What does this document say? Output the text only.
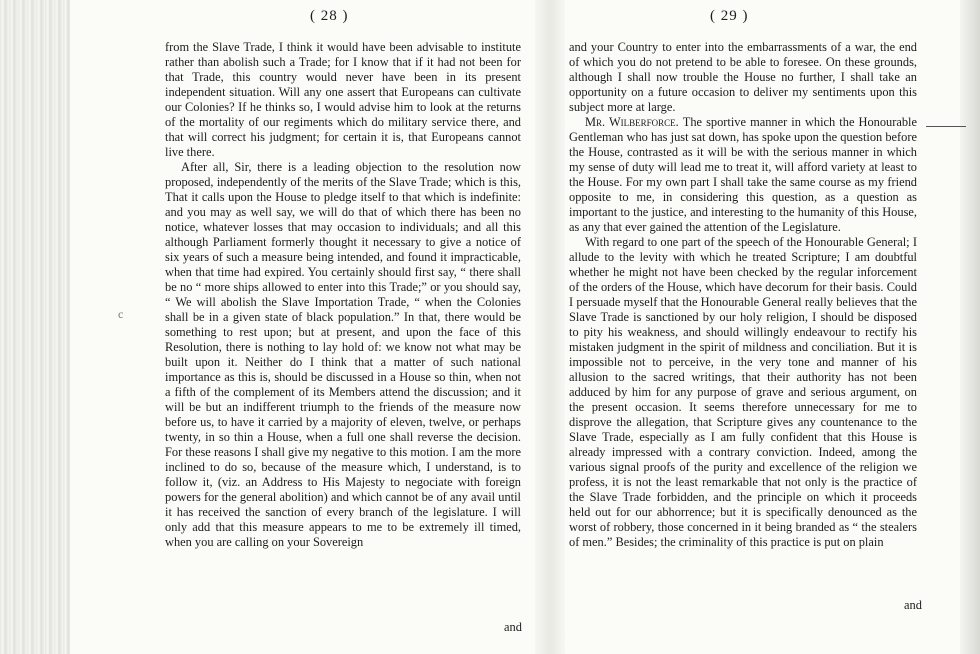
( 28 )

from the Slave Trade, I think it would have been advisable to institute rather than abolish such a Trade; for I know that if it had not been for that Trade, this country would never have been in its present independent situation. Will any one assert that Europeans can cultivate our Colonies? If he thinks so, I would advise him to look at the returns of the mortality of our regiments which do military service there, and that will correct his judgment; for certain it is, that Europeans cannot live there.

After all, Sir, there is a leading objection to the resolution now proposed, independently of the merits of the Slave Trade; which is this, That it calls upon the House to pledge itself to that which is indefinite: and you may as well say, we will do that of which there has been no notice, whatever losses that may occasion to individuals; and all this although Parliament formerly thought it necessary to give a notice of six years of such a measure being intended, and found it impracticable, when that time had expired. You certainly should first say, “ there shall be no “ more ships allowed to enter into this Trade;” or you should say, “ We will abolish the Slave Importation Trade, “ when the Colonies shall be in a given state of black population.” In that, there would be something to rest upon; but at present, and upon the face of this Resolution, there is nothing to lay hold of: we know not what may be built upon it. Neither do I think that a matter of such national importance as this is, should be discussed in a House so thin, when not a fifth of the complement of its Members attend the discussion; and it will be but an indifferent triumph to the friends of the measure now before us, to have it carried by a majority of eleven, twelve, or perhaps twenty, in so thin a House, when a full one shall reverse the decision. For these reasons I shall give my negative to this motion. I am the more inclined to do so, because of the measure which, I understand, is to follow it, (viz. an Address to His Majesty to negociate with foreign powers for the general abolition) and which cannot be of any avail until it has received the sanction of every branch of the legislature. I will only add that this measure appears to me to be extremely ill timed, when you are calling on your Sovereign

and
c
( 29 )

and your Country to enter into the embarrassments of a war, the end of which you do not pretend to be able to foresee. On these grounds, although I shall now trouble the House no further, I shall take an opportunity on a future occasion to deliver my sentiments upon this subject more at large.

Mr. Wilberforce. The sportive manner in which the Honourable Gentleman who has just sat down, has spoke upon the question before the House, contrasted as it will be with the serious manner in which my sense of duty will lead me to treat it, will afford variety at least to the House. For my own part I shall take the same course as my friend opposite to me, in considering this question, as a question as important to the justice, and interesting to the humanity of this House, as any that ever gained the attention of the Legislature.

With regard to one part of the speech of the Honourable General; I allude to the levity with which he treated Scripture; I am doubtful whether he might not have been checked by the regular inforcement of the orders of the House, which have decorum for their basis. Could I persuade myself that the Honourable General really believes that the Slave Trade is sanctioned by our holy religion, I should be disposed to pity his weakness, and should willingly endeavour to rectify his mistaken judgment in the spirit of mildness and conciliation. But it is impossible not to perceive, in the very tone and manner of his allusion to the sacred writings, that their authority has not been adduced by him for any purpose of grave and serious argument, on the present occasion. It seems therefore unnecessary for me to disprove the allegation, that Scripture gives any countenance to the Slave Trade, especially as I am fully confident that this House is already impressed with a contrary conviction. Indeed, among the various signal proofs of the purity and excellence of the religion we profess, it is not the least remarkable that not only is the practice of the Slave Trade forbidden, and the principle on which it proceeds held out for our abhorrence; but it is specifically denounced as the worst of robbery, those concerned in it being branded as “ the stealers of men.” Besides; the criminality of this practice is put on plain

and
